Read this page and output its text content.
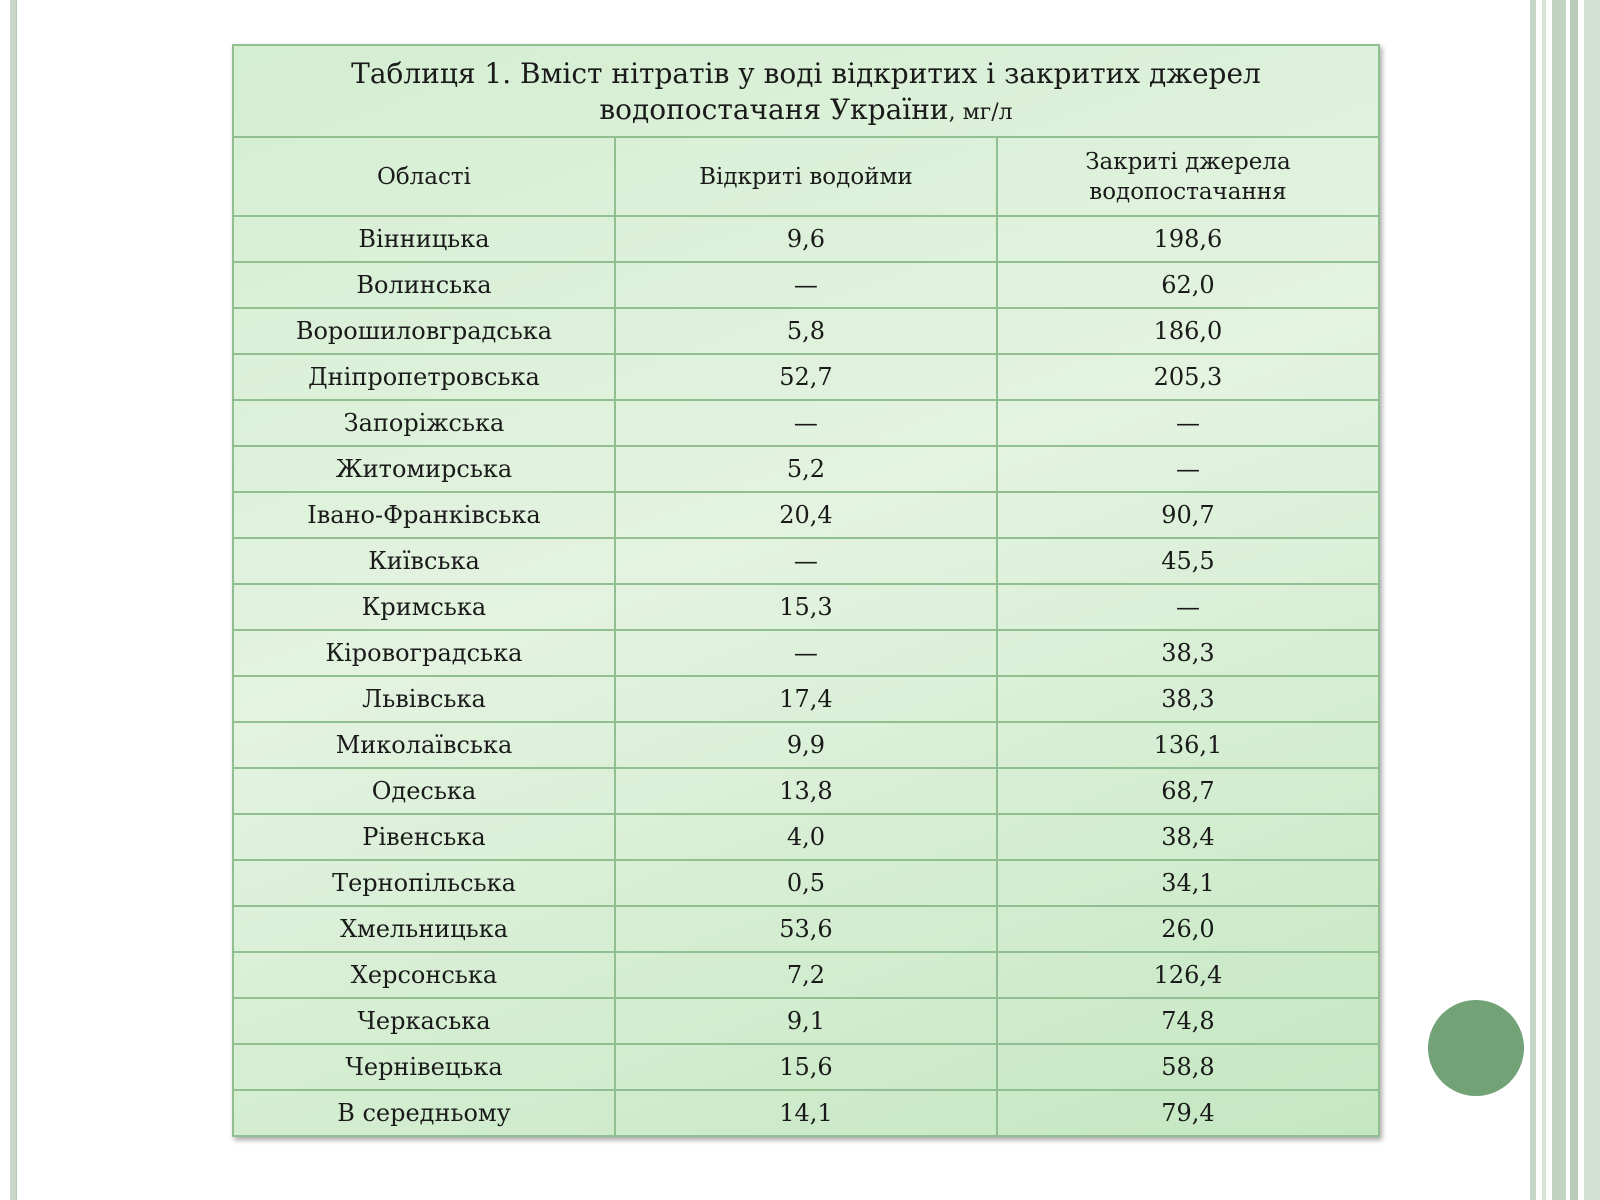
Таблиця 1. Вміст нітратів у воді відкритих і закритих джерел водопостачаня України, мг/л		
Області	Відкриті водойми	Закриті джерела водопостачання
Вінницька	9,6	198,6
Волинська	—	62,0
Ворошиловградська	5,8	186,0
Дніпропетровська	52,7	205,3
Запоріжська	—	—
Житомирська	5,2	—
Івано-Франківська	20,4	90,7
Київська	—	45,5
Кримська	15,3	—
Кіровоградська	—	38,3
Львівська	17,4	38,3
Миколаївська	9,9	136,1
Одеська	13,8	68,7
Рівенська	4,0	38,4
Тернопільська	0,5	34,1
Хмельницька	53,6	26,0
Херсонська	7,2	126,4
Черкаська	9,1	74,8
Чернівецька	15,6	58,8
В середньому	14,1	79,4
